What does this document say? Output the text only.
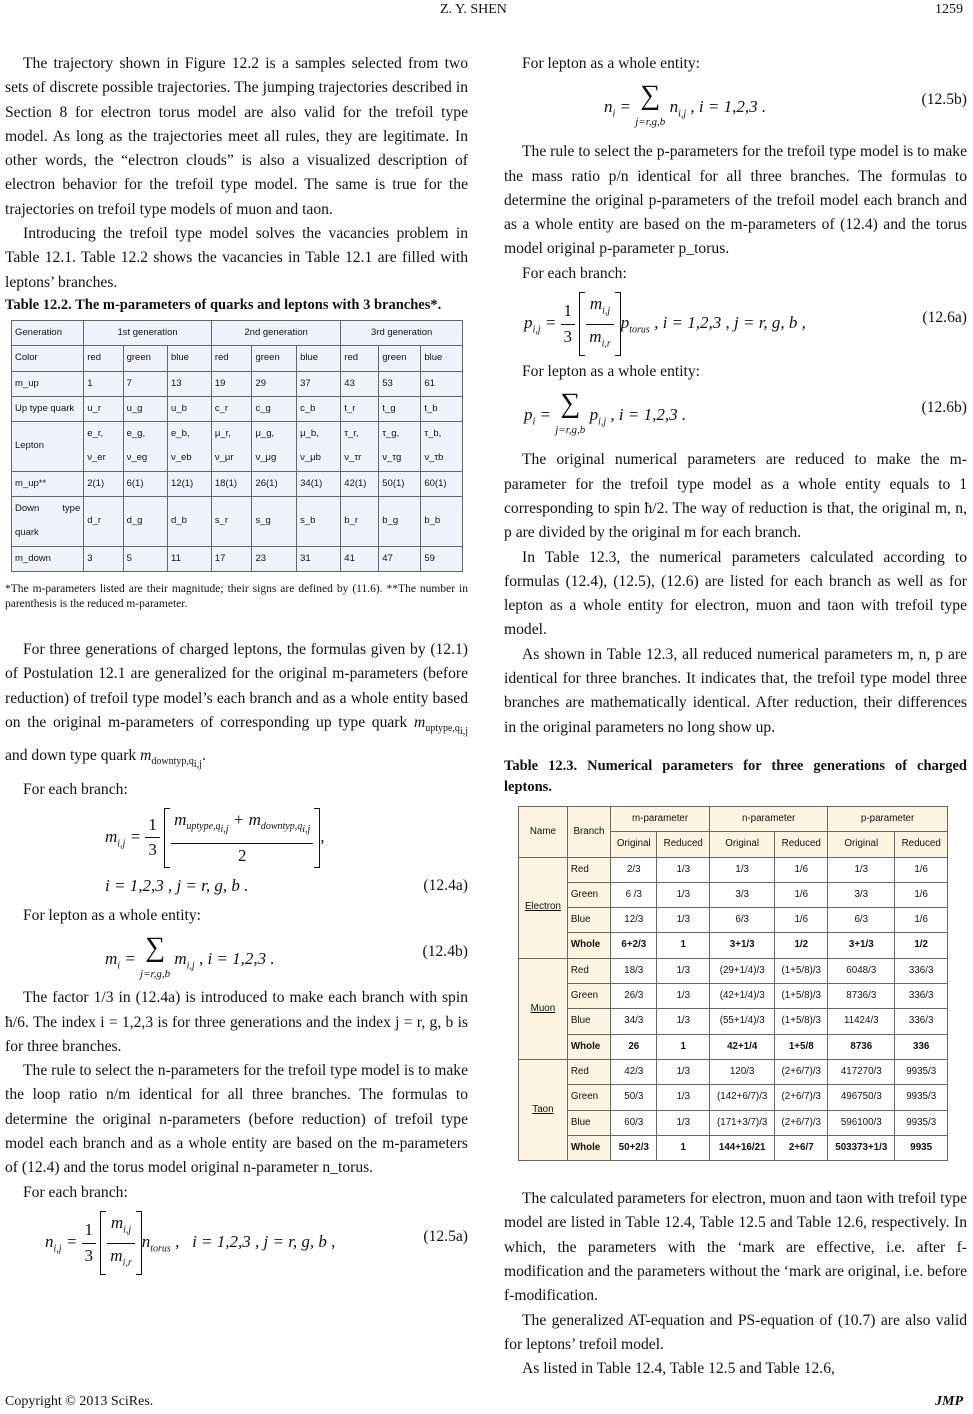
Z. Y. SHEN	1259

The trajectory shown in Figure 12.2 is a samples selected from two sets of discrete possible trajectories. The jumping trajectories described in Section 8 for electron torus model are also valid for the trefoil type model. As long as the trajectories meet all rules, they are legitimate. In other words, the “electron clouds” is also a visualized description of electron behavior for the trefoil type model. The same is true for the trajectories on trefoil type models of muon and taon.

Introducing the trefoil type model solves the vacancies problem in Table 12.1. Table 12.2 shows the vacancies in Table 12.1 are filled with leptons’ branches.

Table 12.2. The m-parameters of quarks and leptons with 3 branches*.

Generation	1st generation			2nd generation			3rd generation		
Color	red	green	blue	red	green	blue	red	green	blue
m_up	1	7	13	19	29	37	43	53	61
Up type quark	u_r	u_g	u_b	c_r	c_g	c_b	t_r	t_g	t_b
Lepton	e_r, ν_er	e_g, ν_eg	e_b, ν_eb	μ_r, ν_μr	μ_g, ν_μg	μ_b, ν_μb	τ_r, ν_τr	τ_g, ν_τg	τ_b, ν_τb
m_up**	2(1)	6(1)	12(1)	18(1)	26(1)	34(1)	42(1)	50(1)	60(1)
Down type quark	d_r	d_g	d_b	s_r	s_g	s_b	b_r	b_g	b_b
m_down	3	5	11	17	23	31	41	47	59
*The m-parameters listed are their magnitude; their signs are defined by (11.6). **The number in parenthesis is the reduced m-parameter.

For three generations of charged leptons, the formulas given by (12.1) of Postulation 12.1 are generalized for the original m-parameters (before reduction) of trefoil type model’s each branch and as a whole entity based on the original m-parameters of corresponding up type quark $m_{uptype,q_{i,j}}$ and down type quark $m_{downtyp,q_{i,j}}$.

For each branch:

$m_{i,j} = \frac{1}{3}$
$\frac{m_{uptype,q_{i,j}} + m_{downtyp,q_{i,j}}}{2}$ ,
i = 1,2,3 , j = r, g, b .	(12.4a)

For lepton as a whole entity:

$m_i$ = ∑
j=r,g,b
$m_{i,j}$ , i = 1,2,3 .	(12.4b)

The factor 1/3 in (12.4a) is introduced to make each branch with spin ħ/6. The index i = 1,2,3 is for three generations and the index j = r, g, b is for three branches.

The rule to select the n-parameters for the trefoil type model is to make the loop ratio n/m identical for all three branches. The formulas to determine the original n-parameters (before reduction) of trefoil type model each branch and as a whole entity are based on the m-parameters of (12.4) and the torus model original n-parameter n_torus.

For each branch:

$n_{i,j} = \frac{1}{3}$
$\frac{m_{i,j}}{m_{i,r}} n_{torus}$ ,   i = 1,2,3 , j = r, g, b ,	(12.5a)

For lepton as a whole entity:

$n_i$ = ∑
j=r,g,b
$n_{i,j}$ , i = 1,2,3 .	(12.5b)

The rule to select the p-parameters for the trefoil type model is to make the mass ratio p/n identical for all three branches. The formulas to determine the original p-parameters of the trefoil model each branch and as a whole entity are based on the m-parameters of (12.4) and the torus model original p-parameter p_torus.

For each branch:

$p_{i,j} = \frac{1}{3}$
$\frac{m_{i,j}}{m_{i,r}} p_{torus}$ , i = 1,2,3 , j = r, g, b ,	(12.6a)

For lepton as a whole entity:

$p_i$ = ∑
j=r,g,b
$p_{i,j}$ , i = 1,2,3 .	(12.6b)

The original numerical parameters are reduced to make the m-parameter for the trefoil type model as a whole entity equals to 1 corresponding to spin ħ/2. The way of reduction is that, the original m, n, p are divided by the original m for each branch.

In Table 12.3, the numerical parameters calculated according to formulas (12.4), (12.5), (12.6) are listed for each branch as well as for lepton as a whole entity for electron, muon and taon with trefoil type model.

As shown in Table 12.3, all reduced numerical parameters m, n, p are identical for three branches. It indicates that, the trefoil type model three branches are mathematically identical. After reduction, their differences in the original parameters no long show up.

Table 12.3. Numerical parameters for three generations of charged leptons.

Name	Branch	m-parameter		n-parameter		p-parameter	
		Original	Reduced	Original	Reduced	Original	Reduced
Electron	Red	2/3	1/3	1/3	1/6	1/3	1/6
	Green	6 /3	1/3	3/3	1/6	3/3	1/6
	Blue	12/3	1/3	6/3	1/6	6/3	1/6
	Whole	6+2/3	1	3+1/3	1/2	3+1/3	1/2
Muon	Red	18/3	1/3	(29+1/4)/3	(1+5/8)/3	6048/3	336/3
	Green	26/3	1/3	(42+1/4)/3	(1+5/8)/3	8736/3	336/3
	Blue	34/3	1/3	(55+1/4)/3	(1+5/8)/3	11424/3	336/3
	Whole	26	1	42+1/4	1+5/8	8736	336
Taon	Red	42/3	1/3	120/3	(2+6/7)/3	417270/3	9935/3
	Green	50/3	1/3	(142+6/7)/3	(2+6/7)/3	496750/3	9935/3
	Blue	60/3	1/3	(171+3/7)/3	(2+6/7)/3	596100/3	9935/3
	Whole	50+2/3	1	144+16/21	2+6/7	503373+1/3	9935

The calculated parameters for electron, muon and taon with trefoil type model are listed in Table 12.4, Table 12.5 and Table 12.6, respectively. In which, the parameters with the ‘mark are effective, i.e. after f-modification and the parameters without the ‘mark are original, i.e. before f-modification.

The generalized AT-equation and PS-equation of (10.7) are also valid for leptons’ trefoil model.

As listed in Table 12.4, Table 12.5 and Table 12.6,

Copyright © 2013 SciRes.	JMP
